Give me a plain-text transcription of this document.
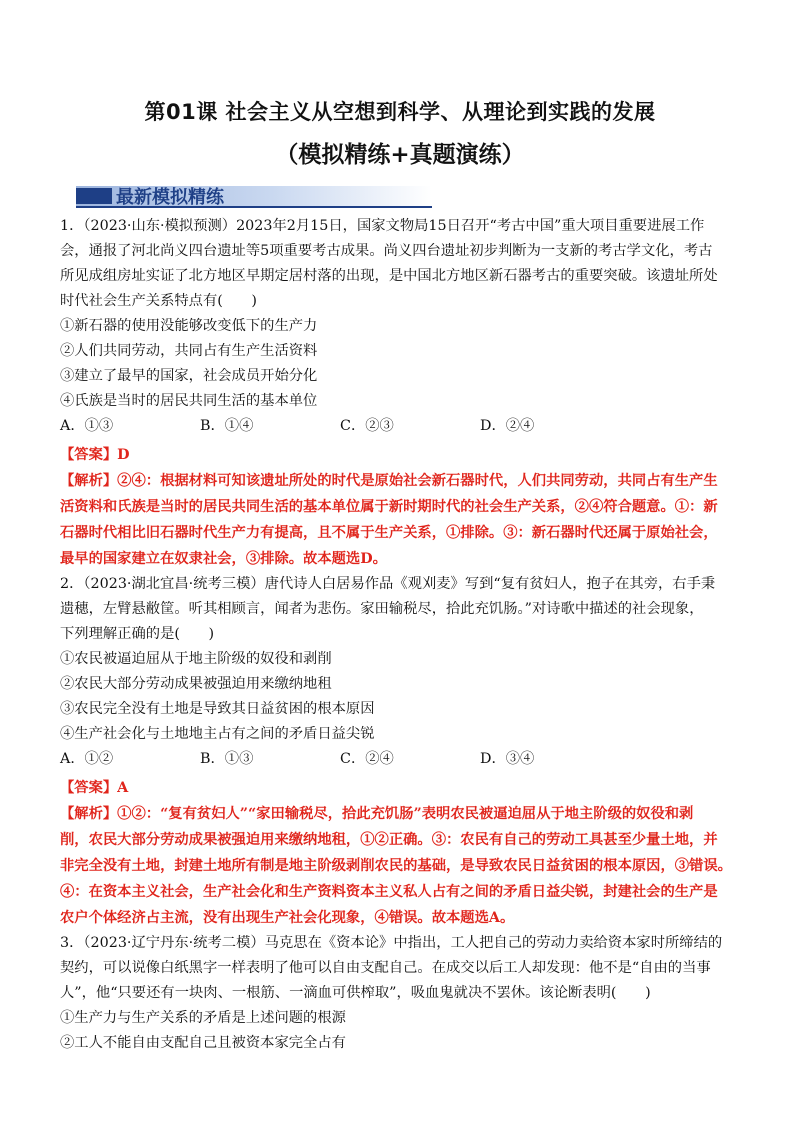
第01课 社会主义从空想到科学、从理论到实践的发展
（模拟精练+真题演练）
最新模拟精练
1．（2023·山东·模拟预测）2023年2月15日，国家文物局15日召开“考古中国”重大项目重要进展工作
会，通报了河北尚义四台遗址等5项重要考古成果。尚义四台遗址初步判断为一支新的考古学文化，考古
所见成组房址实证了北方地区早期定居村落的出现，是中国北方地区新石器考古的重要突破。该遗址所处
时代社会生产关系特点有(　　)
①新石器的使用没能够改变低下的生产力
②人们共同劳动，共同占有生产生活资料
③建立了最早的国家，社会成员开始分化
④氏族是当时的居民共同生活的基本单位
A．①③	B．①④	C．②③	D．②④
【答案】D
【解析】②④：根据材料可知该遗址所处的时代是原始社会新石器时代，人们共同劳动，共同占有生产生
活资料和氏族是当时的居民共同生活的基本单位属于新时期时代的社会生产关系，②④符合题意。①：新
石器时代相比旧石器时代生产力有提高，且不属于生产关系，①排除。③：新石器时代还属于原始社会，
最早的国家建立在奴隶社会，③排除。故本题选D。
2．（2023·湖北宜昌·统考三模）唐代诗人白居易作品《观刈麦》写到“复有贫妇人，抱子在其旁，右手秉
遗穗，左臂悬敝筐。听其相顾言，闻者为悲伤。家田输税尽，拾此充饥肠。”对诗歌中描述的社会现象，
下列理解正确的是(　　)
①农民被逼迫屈从于地主阶级的奴役和剥削
②农民大部分劳动成果被强迫用来缴纳地租
③农民完全没有土地是导致其日益贫困的根本原因
④生产社会化与土地地主占有之间的矛盾日益尖锐
A．①②	B．①③	C．②④	D．③④
【答案】A
【解析】①②：“复有贫妇人”“家田输税尽，拾此充饥肠”表明农民被逼迫屈从于地主阶级的奴役和剥
削，农民大部分劳动成果被强迫用来缴纳地租，①②正确。③：农民有自己的劳动工具甚至少量土地，并
非完全没有土地，封建土地所有制是地主阶级剥削农民的基础，是导致农民日益贫困的根本原因，③错误。
④：在资本主义社会，生产社会化和生产资料资本主义私人占有之间的矛盾日益尖锐，封建社会的生产是
农户个体经济占主流，没有出现生产社会化现象，④错误。故本题选A。
3．（2023·辽宁丹东·统考二模）马克思在《资本论》中指出，工人把自己的劳动力卖给资本家时所缔结的
契约，可以说像白纸黑字一样表明了他可以自由支配自己。在成交以后工人却发现：他不是“自由的当事
人”，他“只要还有一块肉、一根筋、一滴血可供榨取”，吸血鬼就决不罢休。该论断表明(　　)
①生产力与生产关系的矛盾是上述问题的根源
②工人不能自由支配自己且被资本家完全占有
